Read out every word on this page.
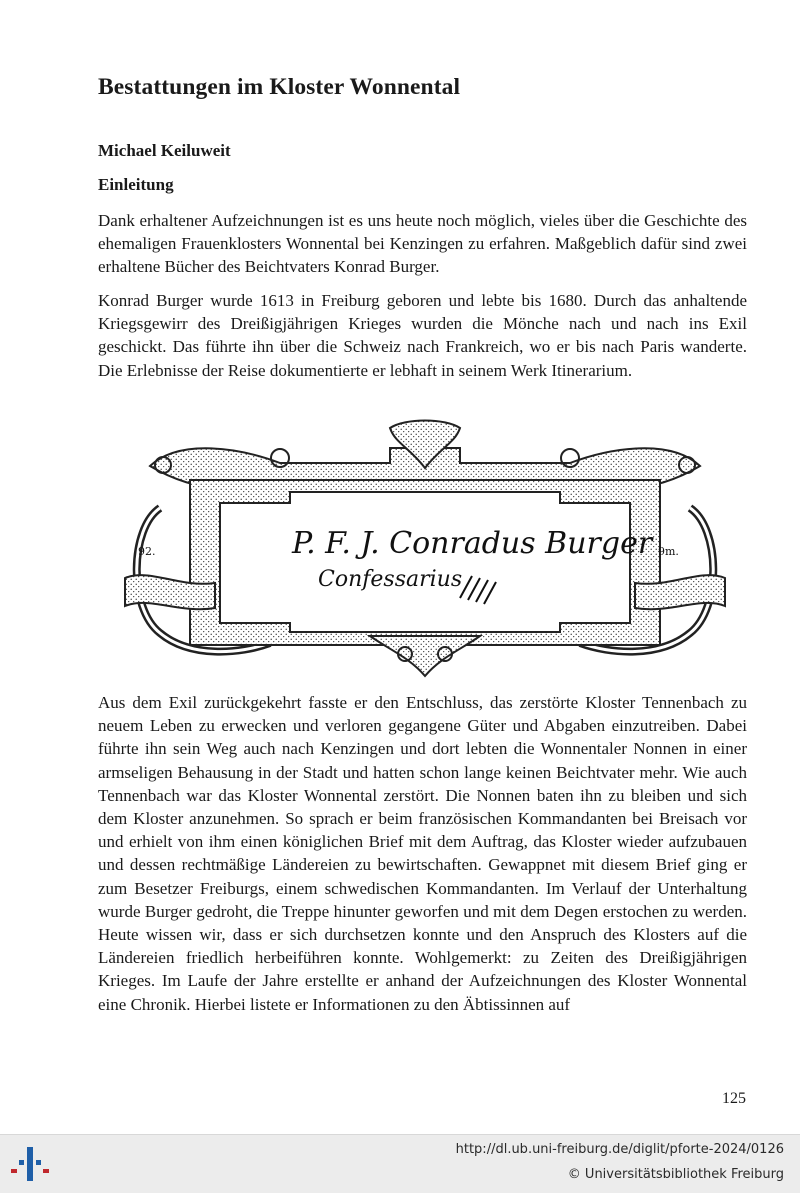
Bestattungen im Kloster Wonnental

Michael Keiluweit

Einleitung

Dank erhaltener Aufzeichnungen ist es uns heute noch möglich, vieles über die Geschichte des ehemaligen Frauenklosters Wonnental bei Kenzingen zu erfahren. Maßgeblich dafür sind zwei erhaltene Bücher des Beichtvaters Konrad Burger.

Konrad Burger wurde 1613 in Freiburg geboren und lebte bis 1680. Durch das anhaltende Kriegsgewirr des Dreißigjährigen Krieges wurden die Mönche nach und nach ins Exil geschickt. Das führte ihn über die Schweiz nach Frankreich, wo er bis nach Paris wanderte. Die Erlebnisse der Reise dokumentierte er lebhaft in seinem Werk Itinerarium.

P. F. J. Conradus Burger
Confessarius
92.	9m.

Aus dem Exil zurückgekehrt fasste er den Entschluss, das zerstörte Kloster Tennenbach zu neuem Leben zu erwecken und verloren gegangene Güter und Abgaben einzutreiben. Dabei führte ihn sein Weg auch nach Kenzingen und dort lebten die Wonnentaler Nonnen in einer armseligen Behausung in der Stadt und hatten schon lange keinen Beichtvater mehr. Wie auch Tennenbach war das Kloster Wonnental zerstört. Die Nonnen baten ihn zu bleiben und sich dem Kloster anzunehmen. So sprach er beim französischen Kommandanten bei Breisach vor und erhielt von ihm einen königlichen Brief mit dem Auftrag, das Kloster wieder aufzubauen und dessen rechtmäßige Ländereien zu bewirtschaften. Gewappnet mit diesem Brief ging er zum Besetzer Freiburgs, einem schwedischen Kommandanten. Im Verlauf der Unterhaltung wurde Burger gedroht, die Treppe hinunter geworfen und mit dem Degen erstochen zu werden. Heute wissen wir, dass er sich durchsetzen konnte und den Anspruch des Klosters auf die Ländereien friedlich herbeiführen konnte. Wohlgemerkt: zu Zeiten des Dreißigjährigen Krieges. Im Laufe der Jahre erstellte er anhand der Aufzeichnungen des Kloster Wonnental eine Chronik. Hierbei listete er Informationen zu den Äbtissinnen auf

125
http://dl.ub.uni-freiburg.de/diglit/pforte-2024/0126
© Universitätsbibliothek Freiburg
